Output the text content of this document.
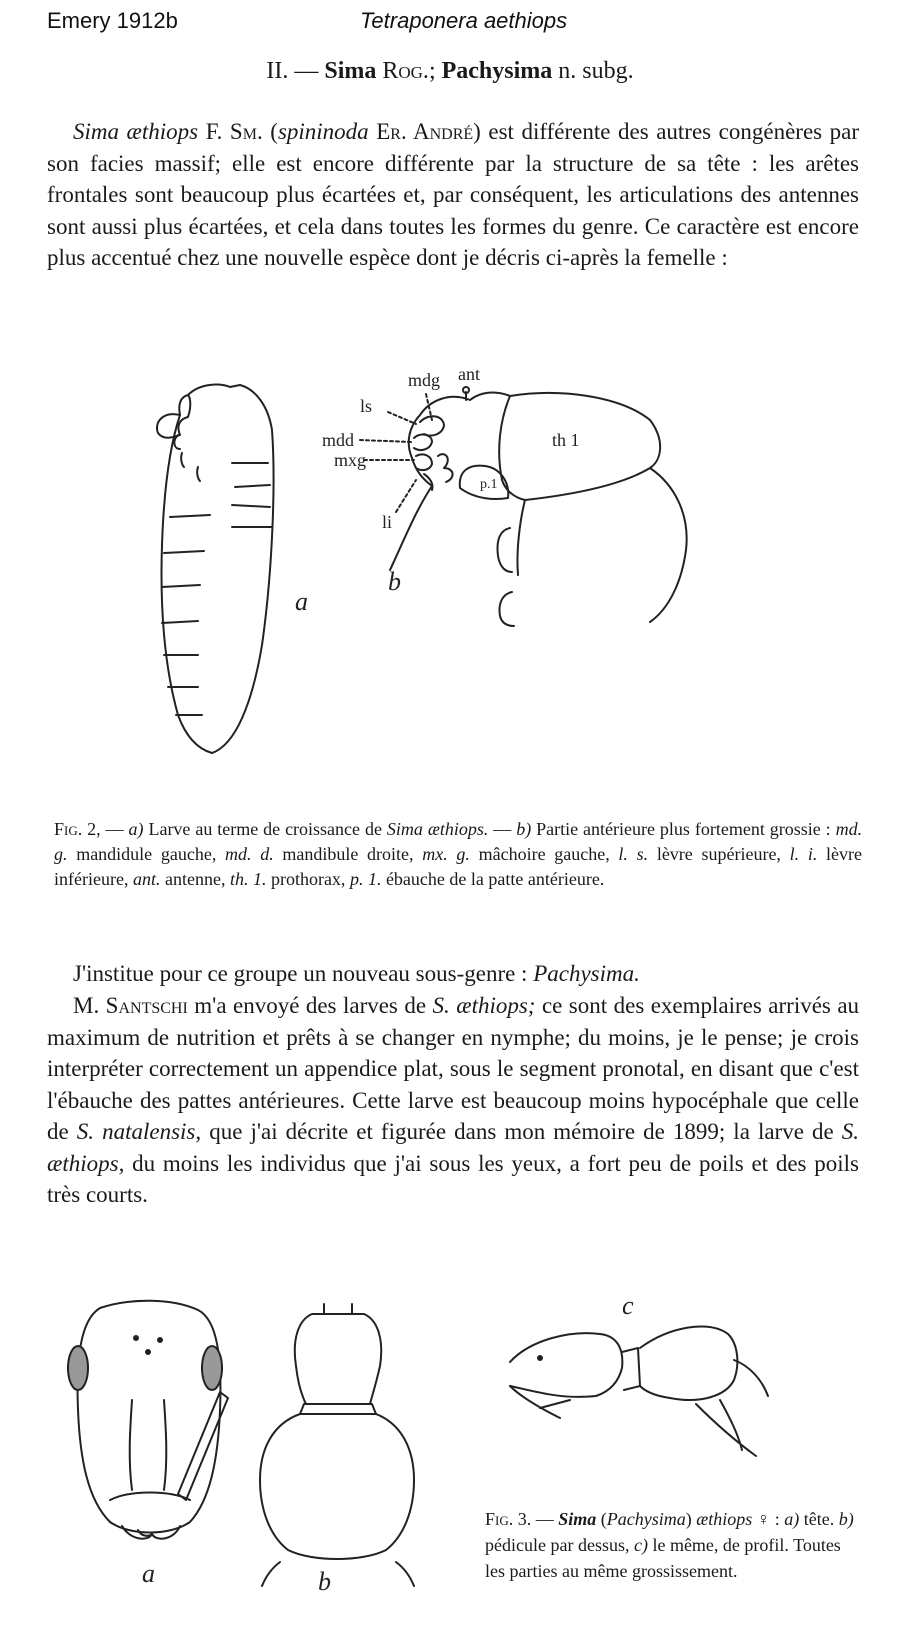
Emery 1912b	Tetraponera aethiops
II. — Sima Rog.; Pachysima n. subg.
Sima æthiops F. Sm. (spininoda Er. André) est différente des autres congénères par son facies massif; elle est encore différente par la structure de sa tête : les arêtes frontales sont beaucoup plus écartées et, par conséquent, les articulations des antennes sont aussi plus écartées, et cela dans toutes les formes du genre. Ce caractère est encore plus accentué chez une nouvelle espèce dont je décris ci-après la femelle :
a
mdg ant
ls
mdd
mxg
li
th 1
p.1
b
Fig. 2, — a) Larve au terme de croissance de Sima æthiops. — b) Partie antérieure plus fortement grossie : md. g. mandidule gauche, md. d. mandibule droite, mx. g. mâchoire gauche, l. s. lèvre supérieure, l. i. lèvre inférieure, ant. antenne, th. 1. prothorax, p. 1. ébauche de la patte antérieure.
J'institue pour ce groupe un nouveau sous-genre : Pachysima.
M. Santschi m'a envoyé des larves de S. æthiops; ce sont des exemplaires arrivés au maximum de nutrition et prêts à se changer en nymphe; du moins, je le pense; je crois interpréter correctement un appendice plat, sous le segment pronotal, en disant que c'est l'ébauche des pattes antérieures. Cette larve est beaucoup moins hypocéphale que celle de S. natalensis, que j'ai décrite et figurée dans mon mémoire de 1899; la larve de S. æthiops, du moins les individus que j'ai sous les yeux, a fort peu de poils et des poils très courts.
a	b
c
Fig. 3. — Sima (Pachysima) æthiops ♀ : a) tête. b) pédicule par dessus, c) le même, de profil. Toutes les parties au même grossissement.
